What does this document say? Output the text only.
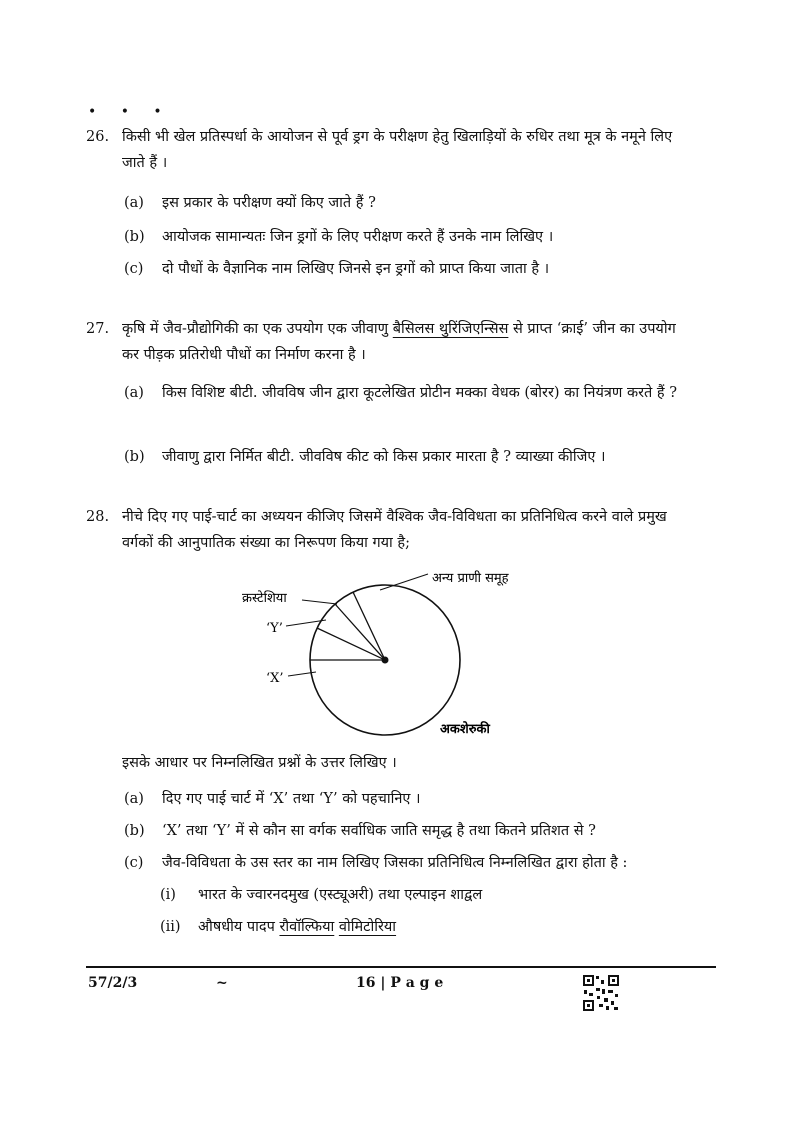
• • •
26. किसी भी खेल प्रतिस्पर्धा के आयोजन से पूर्व ड्रग के परीक्षण हेतु खिलाड़ियों के रुधिर तथा मूत्र के नमूने लिए जाते हैं ।
(a)	इस प्रकार के परीक्षण क्यों किए जाते हैं ?
(b)	आयोजक सामान्यतः जिन ड्रगों के लिए परीक्षण करते हैं उनके नाम लिखिए ।
(c)	दो पौधों के वैज्ञानिक नाम लिखिए जिनसे इन ड्रगों को प्राप्त किया जाता है ।
27. कृषि में जैव-प्रौद्योगिकी का एक उपयोग एक जीवाणु बैसिलस थुरिंजिएन्सिस से प्राप्त ‘क्राई’ जीन का उपयोग कर पीड़क प्रतिरोधी पौधों का निर्माण करना है ।
(a)	किस विशिष्ट बीटी. जीवविष जीन द्वारा कूटलेखित प्रोटीन मक्का वेधक (बोरर) का नियंत्रण करते हैं ?
(b)	जीवाणु द्वारा निर्मित बीटी. जीवविष कीट को किस प्रकार मारता है ? व्याख्या कीजिए ।
28. नीचे दिए गए पाई-चार्ट का अध्ययन कीजिए जिसमें वैश्विक जैव-विविधता का प्रतिनिधित्व करने वाले प्रमुख वर्गकों की आनुपातिक संख्या का निरूपण किया गया है;
अन्य प्राणी समूह
क्रस्टेशिया
‘Y’
‘X’
अकशेरुकी
इसके आधार पर निम्नलिखित प्रश्नों के उत्तर लिखिए ।
(a)	दिए गए पाई चार्ट में ‘X’ तथा ‘Y’ को पहचानिए ।
(b)	‘X’ तथा ‘Y’ में से कौन सा वर्गक सर्वाधिक जाति समृद्ध है तथा कितने प्रतिशत से ?
(c)	जैव-विविधता के उस स्तर का नाम लिखिए जिसका प्रतिनिधित्व निम्नलिखित द्वारा होता है :
(i)	भारत के ज्वारनदमुख (एस्ट्यूअरी) तथा एल्पाइन शाद्वल
(ii)	औषधीय पादप रौवॉल्फिया वोमिटोरिया
57/2/3	~	16 | P a g e
